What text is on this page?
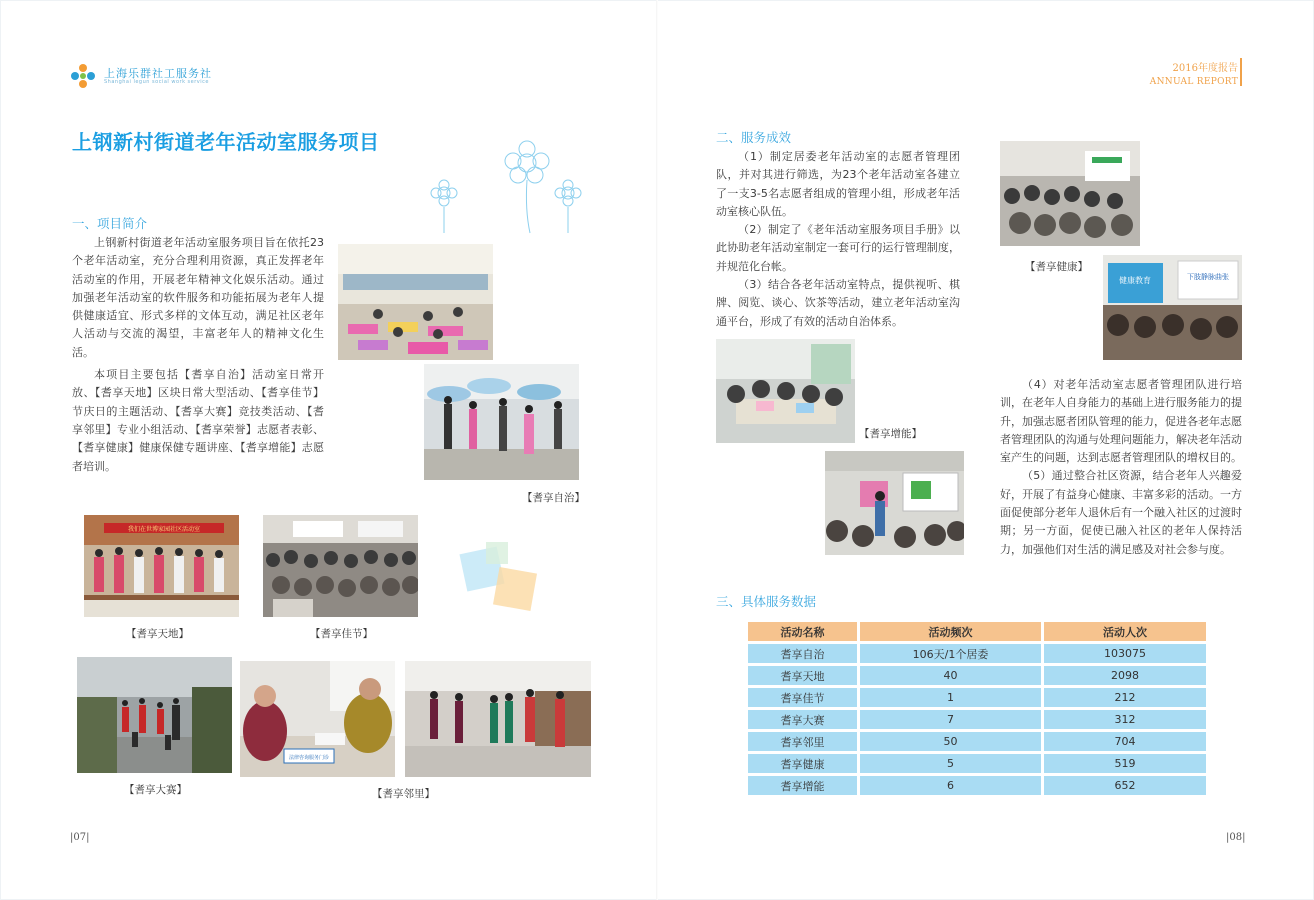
上海乐群社工服务社
Shanghai legun social work service
2016年度报告
ANNUAL REPORT
上钢新村街道老年活动室服务项目
一、项目简介

上钢新村街道老年活动室服务项目旨在依托23个老年活动室，充分合理利用资源，真正发挥老年活动室的作用，开展老年精神文化娱乐活动。通过加强老年活动室的软件服务和功能拓展为老年人提供健康适宜、形式多样的文体互动，满足社区老年人活动与交流的渴望，丰富老年人的精神文化生活。

本项目主要包括【耆享自治】活动室日常开放、【耆享天地】区块日常大型活动、【耆享佳节】节庆日的主题活动、【耆享大赛】竞技类活动、【耆享邻里】专业小组活动、【耆享荣誉】志愿者表彰、【耆享健康】健康保健专题讲座、【耆享增能】志愿者培训。

【耆享自治】
我们在世博家园社区活动室
【耆享天地】	【耆享佳节】
【耆享大赛】
法律咨询服务门诊
【耆享邻里】
|07|
二、服务成效

（1）制定居委老年活动室的志愿者管理团队，并对其进行筛选，为23个老年活动室各建立了一支3-5名志愿者组成的管理小组，形成老年活动室核心队伍。

（2）制定了《老年活动室服务项目手册》以此协助老年活动室制定一套可行的运行管理制度，并规范化台帐。

（3）结合各老年活动室特点，提供视听、棋牌、阅览、谈心、饮茶等活动，建立老年活动室沟通平台，形成了有效的活动自治体系。

【耆享健康】
健康教育	下肢静脉曲张
【耆享增能】

（4）对老年活动室志愿者管理团队进行培训，在老年人自身能力的基础上进行服务能力的提升，加强志愿者团队管理的能力，促进各老年志愿者管理团队的沟通与处理问题能力，解决老年活动室产生的问题，达到志愿者管理团队的增权目的。

（5）通过整合社区资源，结合老年人兴趣爱好，开展了有益身心健康、丰富多彩的活动。一方面促使部分老年人退休后有一个融入社区的过渡时期；另一方面，促使已融入社区的老年人保持活力，加强他们对生活的满足感及对社会参与度。

三、具体服务数据
活动名称	活动频次	活动人次
耆享自治	106天/1个居委	103075
耆享天地	40	2098
耆享佳节	1	212
耆享大赛	7	312
耆享邻里	50	704
耆享健康	5	519
耆享增能	6	652
|08|
